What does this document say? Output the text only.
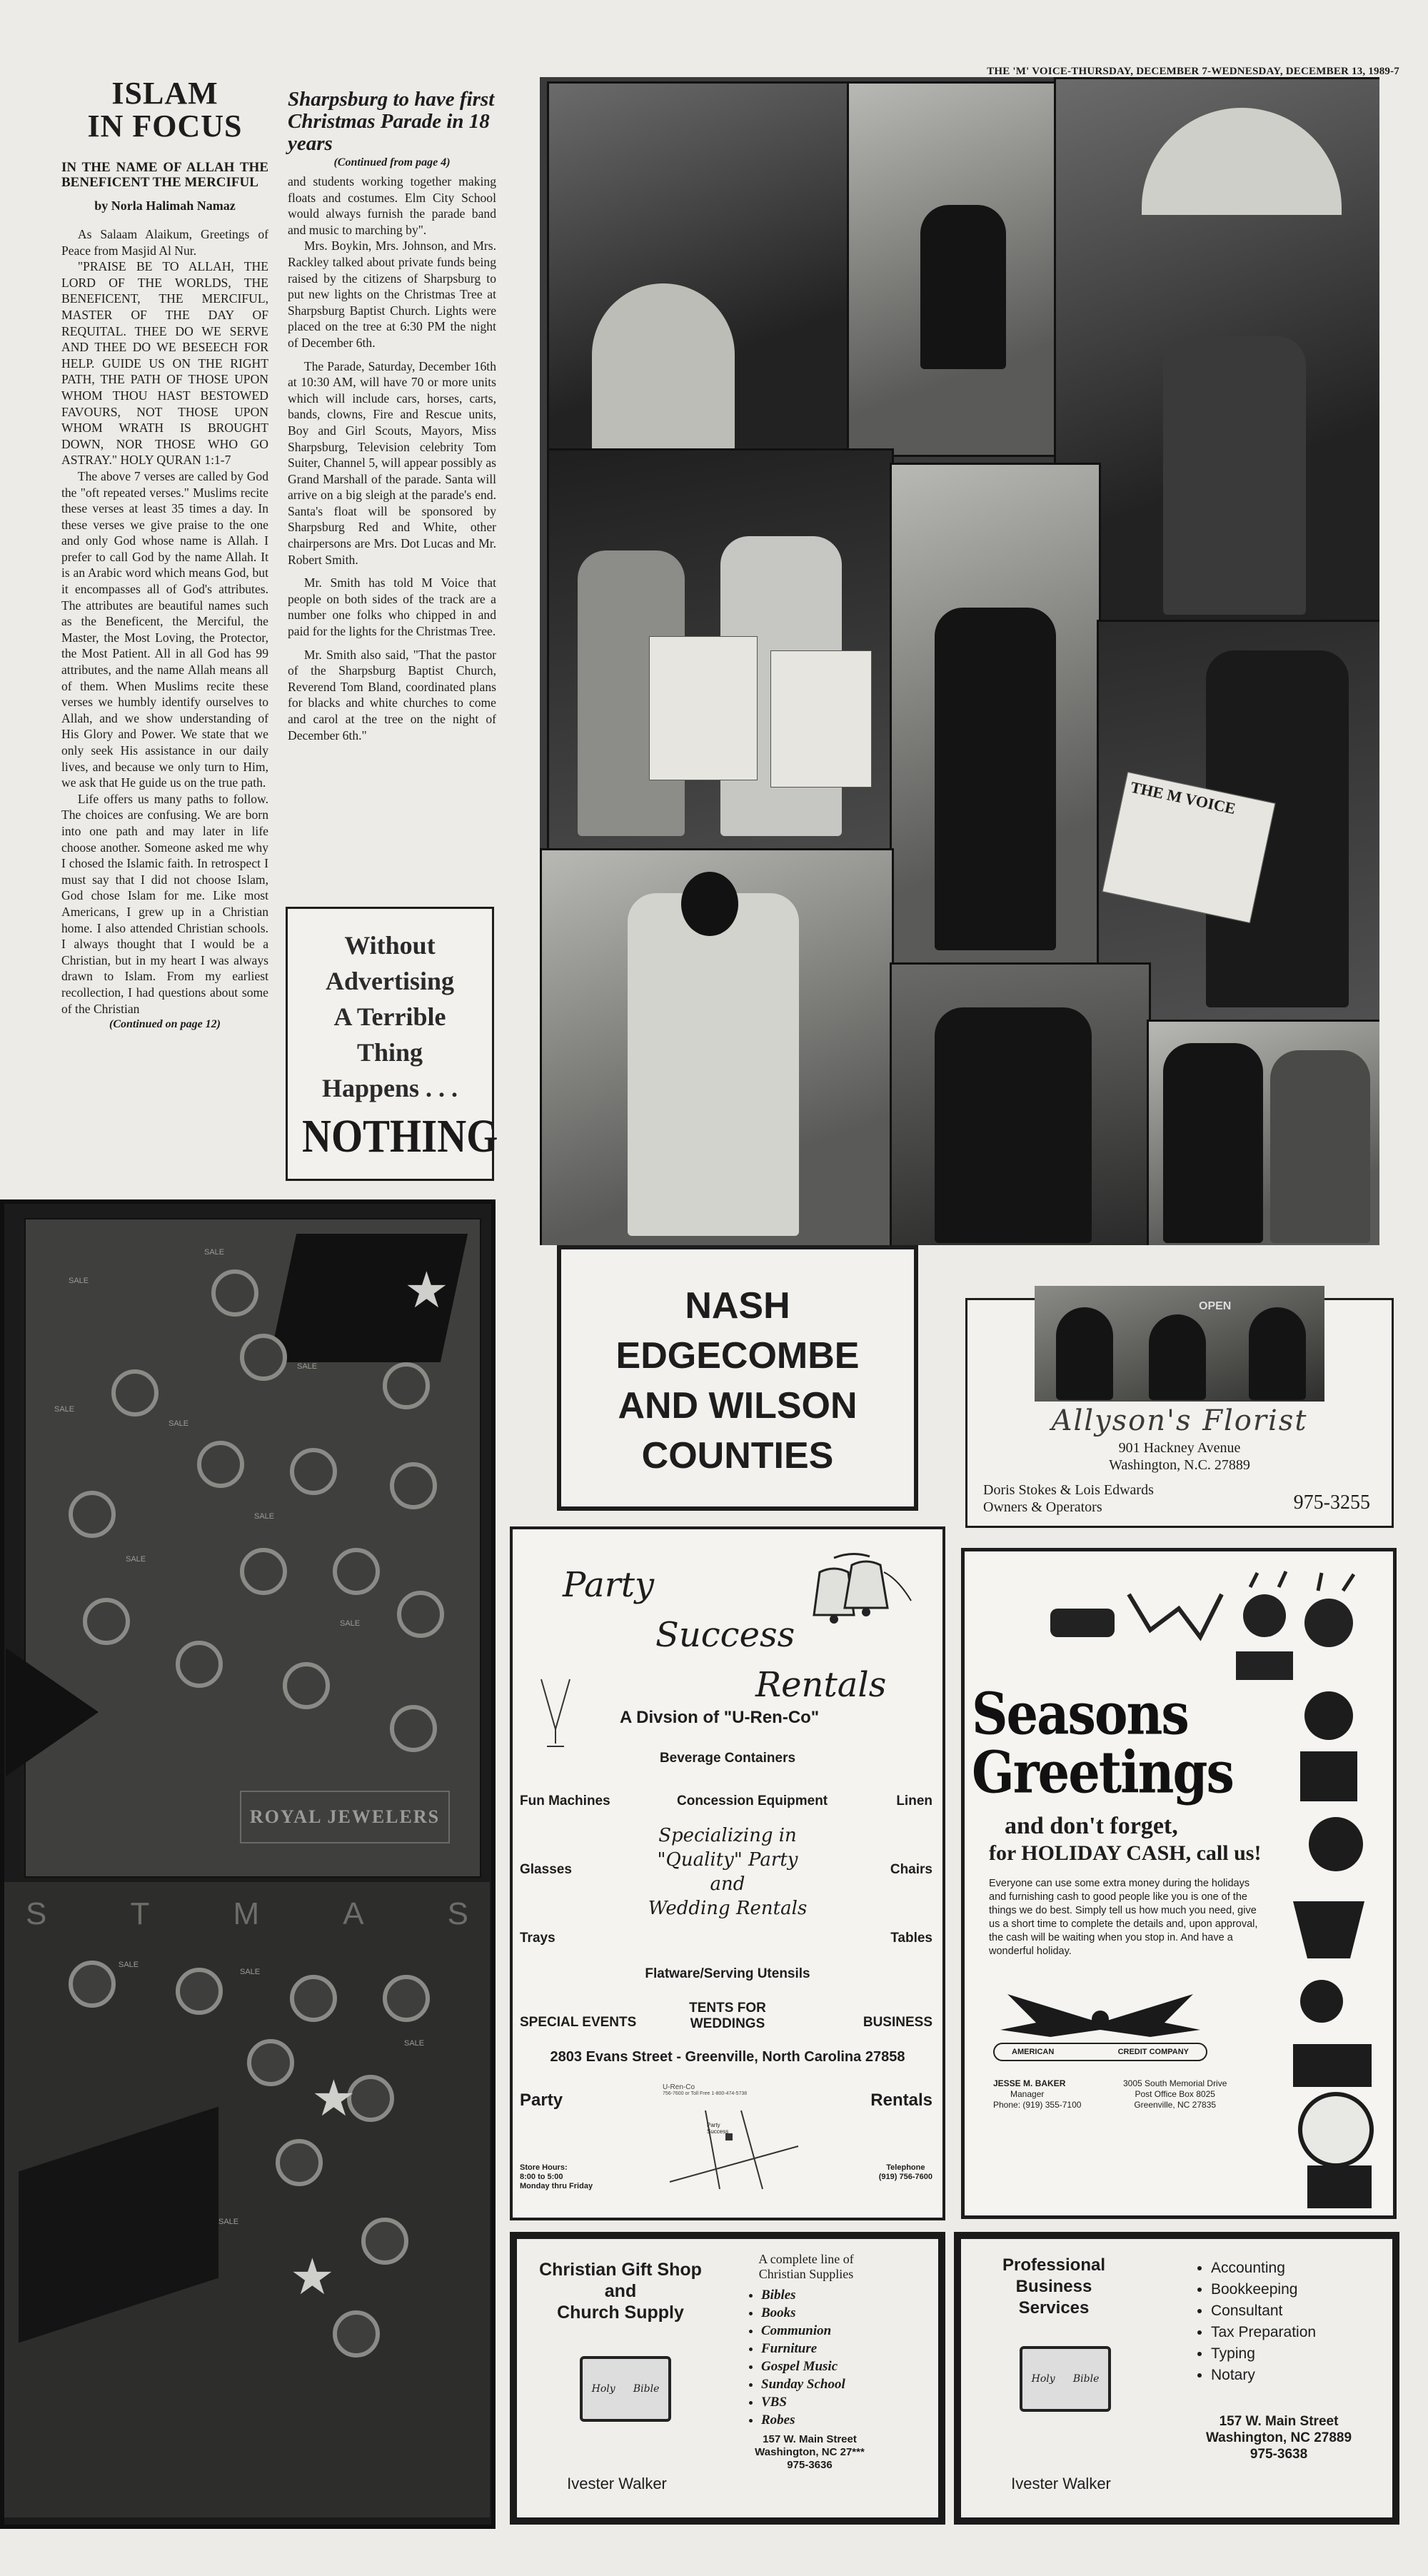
THE 'M' VOICE-THURSDAY, DECEMBER 7-WEDNESDAY, DECEMBER 13, 1989-7
ISLAM
IN FOCUS
IN THE NAME OF ALLAH THE BENEFICENT THE MERCIFUL
by Norla Halimah Namaz

As Salaam Alaikum, Greetings of Peace from Masjid Al Nur.

"PRAISE BE TO ALLAH, THE LORD OF THE WORLDS, THE BENEFICENT, THE MERCIFUL, MASTER OF THE DAY OF REQUITAL. THEE DO WE SERVE AND THEE DO WE BESEECH FOR HELP. GUIDE US ON THE RIGHT PATH, THE PATH OF THOSE UPON WHOM THOU HAST BESTOWED FAVOURS, NOT THOSE UPON WHOM WRATH IS BROUGHT DOWN, NOR THOSE WHO GO ASTRAY." HOLY QURAN 1:1-7

The above 7 verses are called by God the "oft repeated verses." Muslims recite these verses at least 35 times a day. In these verses we give praise to the one and only God whose name is Allah. I prefer to call God by the name Allah. It is an Arabic word which means God, but it encompasses all of God's attributes. The attributes are beautiful names such as the Beneficent, the Merciful, the Master, the Most Loving, the Protector, the Most Patient. All in all God has 99 attributes, and the name Allah means all of them. When Muslims recite these verses we humbly identify ourselves to Allah, and we show understanding of His Glory and Power. We state that we only seek His assistance in our daily lives, and because we only turn to Him, we ask that He guide us on the true path.

Life offers us many paths to follow. The choices are confusing. We are born into one path and may later in life choose another. Someone asked me why I chosed the Islamic faith. In retrospect I must say that I did not choose Islam, God chose Islam for me. Like most Americans, I grew up in a Christian home. I also attended Christian schools. I always thought that I would be a Christian, but in my heart I was always drawn to Islam. From my earliest recollection, I had questions about some of the Christian

(Continued on page 12)
Sharpsburg to have first Christmas Parade in 18 years
(Continued from page 4)

and students working together making floats and costumes. Elm City School would always furnish the parade band and music to marching by".

Mrs. Boykin, Mrs. Johnson, and Mrs. Rackley talked about private funds being raised by the citizens of Sharpsburg to put new lights on the Christmas Tree at Sharpsburg Baptist Church. Lights were placed on the tree at 6:30 PM the night of December 6th.

The Parade, Saturday, December 16th at 10:30 AM, will have 70 or more units which will include cars, horses, carts, bands, clowns, Fire and Rescue units, Boy and Girl Scouts, Mayors, Miss Sharpsburg, Television celebrity Tom Suiter, Channel 5, will appear possibly as Grand Marshall of the parade. Santa will arrive on a big sleigh at the parade's end. Santa's float will be sponsored by Sharpsburg Red and White, other chairpersons are Mrs. Dot Lucas and Mr. Robert Smith.

Mr. Smith has told M Voice that people on both sides of the track are a number one folks who chipped in and paid for the lights for the Christmas Tree.

Mr. Smith also said, "That the pastor of the Sharpsburg Baptist Church, Reverend Tom Bland, coordinated plans for blacks and white churches to come and carol at the tree on the night of December 6th."

Without
Advertising
A Terrible
Thing
Happens . . .
NOTHING
THE M VOICE
★
SALE
SALE
SALE
SALE
SALE
SALE
SALE
SALE
ROYAL JEWELERS
S	T	M	A	S
SALE
SALE
SALE
SALE
★
★
NASH
EDGECOMBE
AND WILSON
COUNTIES
OPEN
Allyson's Florist
901 Hackney Avenue
Washington, N.C. 27889
Doris Stokes & Lois Edwards
Owners & Operators	975-3255
Party
Success
Rentals
A Divsion of "U-Ren-Co"
Beverage Containers
Fun Machines	Concession Equipment	Linen
Glasses	Chairs
Specializing in
"Quality" Party
and
Wedding Rentals
Trays	Tables
Flatware/Serving Utensils
TENTS FOR
WEDDINGS
SPECIAL EVENTS	BUSINESS
2803 Evans Street - Greenville, North Carolina 27858
Party	Rentals
U-Ren-Co
756-7600 or Toll Free 1-800-474-5738
Party Success
Store Hours:
8:00 to 5:00
Monday thru Friday
Telephone
(919) 756-7600
Seasons
Greetings
and don't forget,
for HOLIDAY CASH, call us!
Everyone can use some extra money during the holidays and furnishing cash to good people like you is one of the things we do best. Simply tell us how much you need, give us a short time to complete the details and, upon approval, the cash will be waiting when you stop in. And have a wonderful holiday.
AMERICAN	CREDIT COMPANY
JESSE M. BAKER
Manager
Phone: (919) 355-7100
3005 South Memorial Drive
Post Office Box 8025
Greenville, NC 27835
Christian Gift Shop
and
Church Supply
Holy Bible
Ivester Walker
A complete line of
Christian Supplies
• Bibles
• Books
• Communion
• Furniture
• Gospel Music
• Sunday School
• VBS
• Robes
157 W. Main Street
Washington, NC 27***
975-3636
Professional
Business
Services
Holy Bible
Ivester Walker
• Accounting
• Bookkeeping
• Consultant
• Tax Preparation
• Typing
• Notary
157 W. Main Street
Washington, NC 27889
975-3638
